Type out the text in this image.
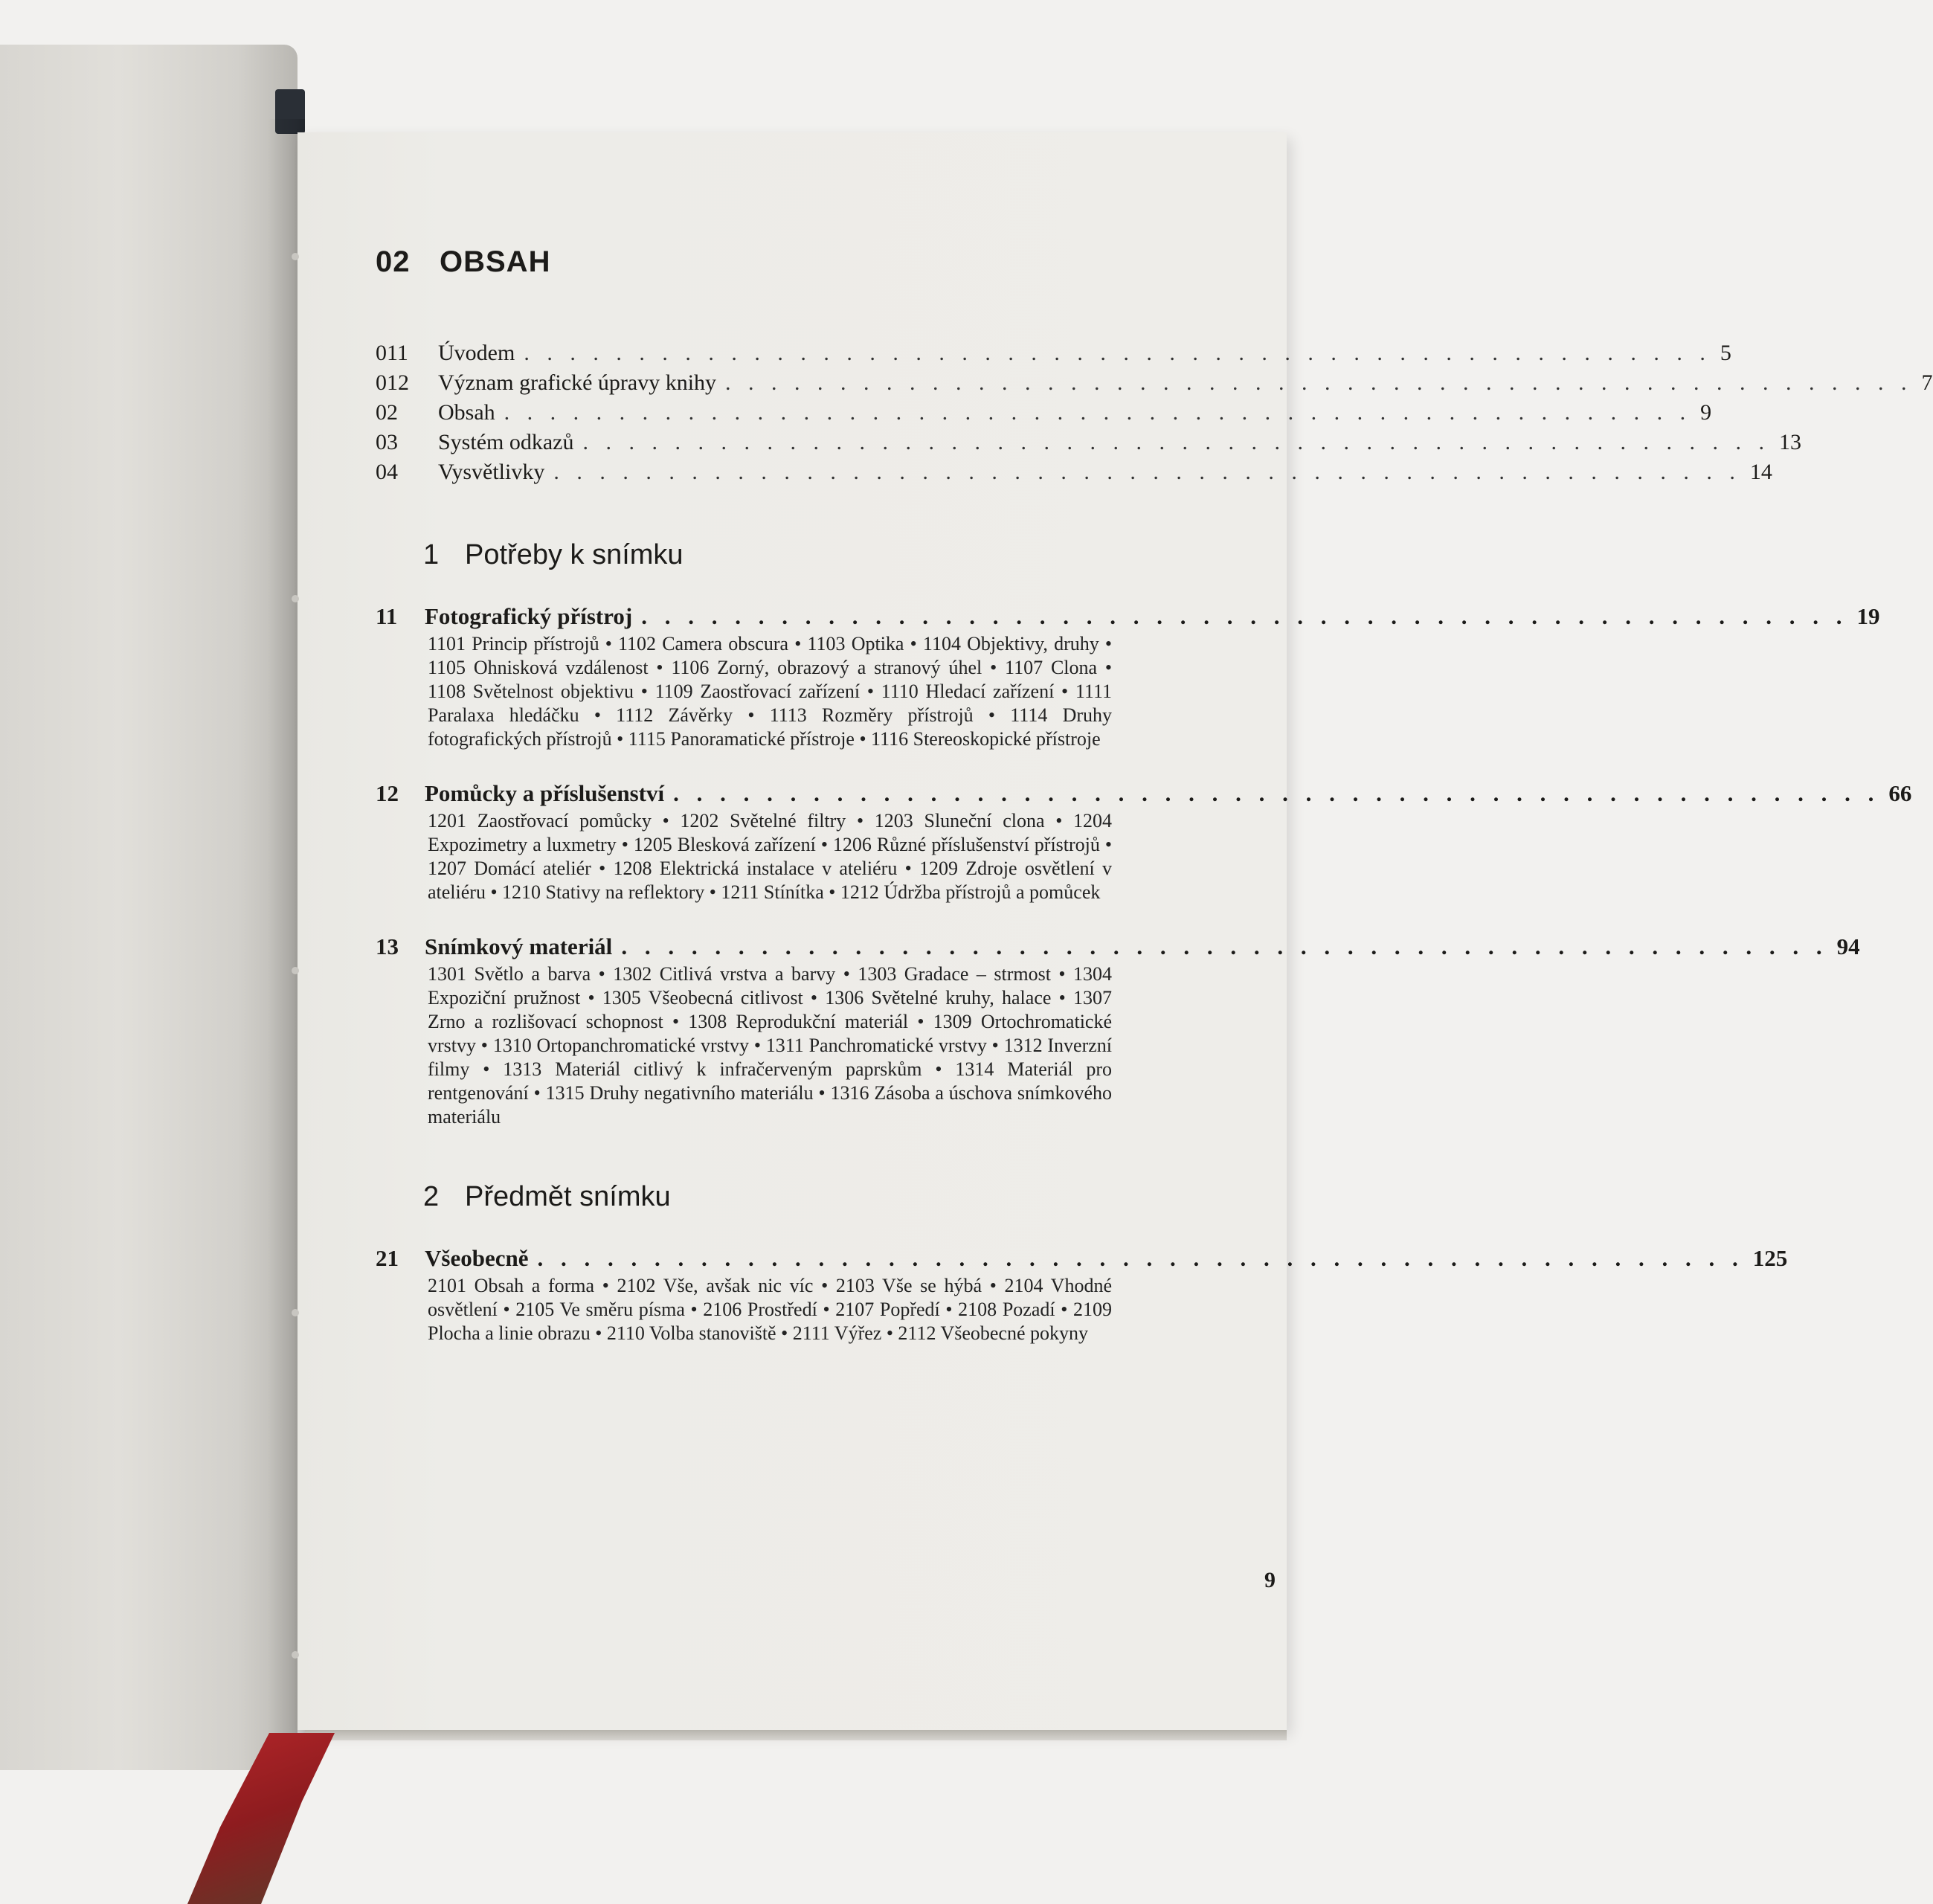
02 OBSAH
011	Úvodem . . . . . . . . . . . . . . . . . . . . . . . . . . . . . . . . . . . . . . . . . . . . . . . . . . . . 5
012	Význam grafické úpravy knihy . . . . . . . . . . . . . . . . . . . . . . . . . . . . . . . . . . . . . . . . . . . . . . . . . . . . 7
02	Obsah . . . . . . . . . . . . . . . . . . . . . . . . . . . . . . . . . . . . . . . . . . . . . . . . . . . . 9
03	Systém odkazů . . . . . . . . . . . . . . . . . . . . . . . . . . . . . . . . . . . . . . . . . . . . . . . . . . . . 13
04	Vysvětlivky . . . . . . . . . . . . . . . . . . . . . . . . . . . . . . . . . . . . . . . . . . . . . . . . . . . . 14
1 Potřeby k snímku
11	Fotografický přístroj . . . . . . . . . . . . . . . . . . . . . . . . . . . . . . . . . . . . . . . . . . . . . . . . . . . . 19
1101 Princip přístrojů • 1102 Camera obscura • 1103 Optika • 1104 Objektivy, druhy • 1105 Ohnisková vzdálenost • 1106 Zorný, obrazový a stranový úhel • 1107 Clona • 1108 Světelnost objektivu • 1109 Zaostřovací zařízení • 1110 Hledací zařízení • 1111 Paralaxa hledáčku • 1112 Závěrky • 1113 Rozměry přístrojů • 1114 Druhy fotografických přístrojů • 1115 Panoramatické přístroje • 1116 Stereoskopické přístroje
12	Pomůcky a příslušenství . . . . . . . . . . . . . . . . . . . . . . . . . . . . . . . . . . . . . . . . . . . . . . . . . . . . 66
1201 Zaostřovací pomůcky • 1202 Světelné filtry • 1203 Sluneční clona • 1204 Expozimetry a luxmetry • 1205 Blesková zařízení • 1206 Různé příslušenství přístrojů • 1207 Domácí ateliér • 1208 Elektrická instalace v ateliéru • 1209 Zdroje osvětlení v ateliéru • 1210 Stativy na reflektory • 1211 Stínítka • 1212 Údržba přístrojů a pomůcek
13	Snímkový materiál . . . . . . . . . . . . . . . . . . . . . . . . . . . . . . . . . . . . . . . . . . . . . . . . . . . . 94
1301 Světlo a barva • 1302 Citlivá vrstva a barvy • 1303 Gradace – strmost • 1304 Expoziční pružnost • 1305 Všeobecná citlivost • 1306 Světelné kruhy, halace • 1307 Zrno a rozlišovací schopnost • 1308 Reprodukční materiál • 1309 Ortochromatické vrstvy • 1310 Ortopanchromatické vrstvy • 1311 Panchromatické vrstvy • 1312 Inverzní filmy • 1313 Materiál citlivý k infračerveným paprskům • 1314 Materiál pro rentgenování • 1315 Druhy negativního materiálu • 1316 Zásoba a úschova snímkového materiálu
2 Předmět snímku
21	Všeobecně . . . . . . . . . . . . . . . . . . . . . . . . . . . . . . . . . . . . . . . . . . . . . . . . . . . . 125
2101 Obsah a forma • 2102 Vše, avšak nic víc • 2103 Vše se hýbá • 2104 Vhodné osvětlení • 2105 Ve směru písma • 2106 Prostředí • 2107 Popředí • 2108 Pozadí • 2109 Plocha a linie obrazu • 2110 Volba stanoviště • 2111 Výřez • 2112 Všeobecné pokyny
9
